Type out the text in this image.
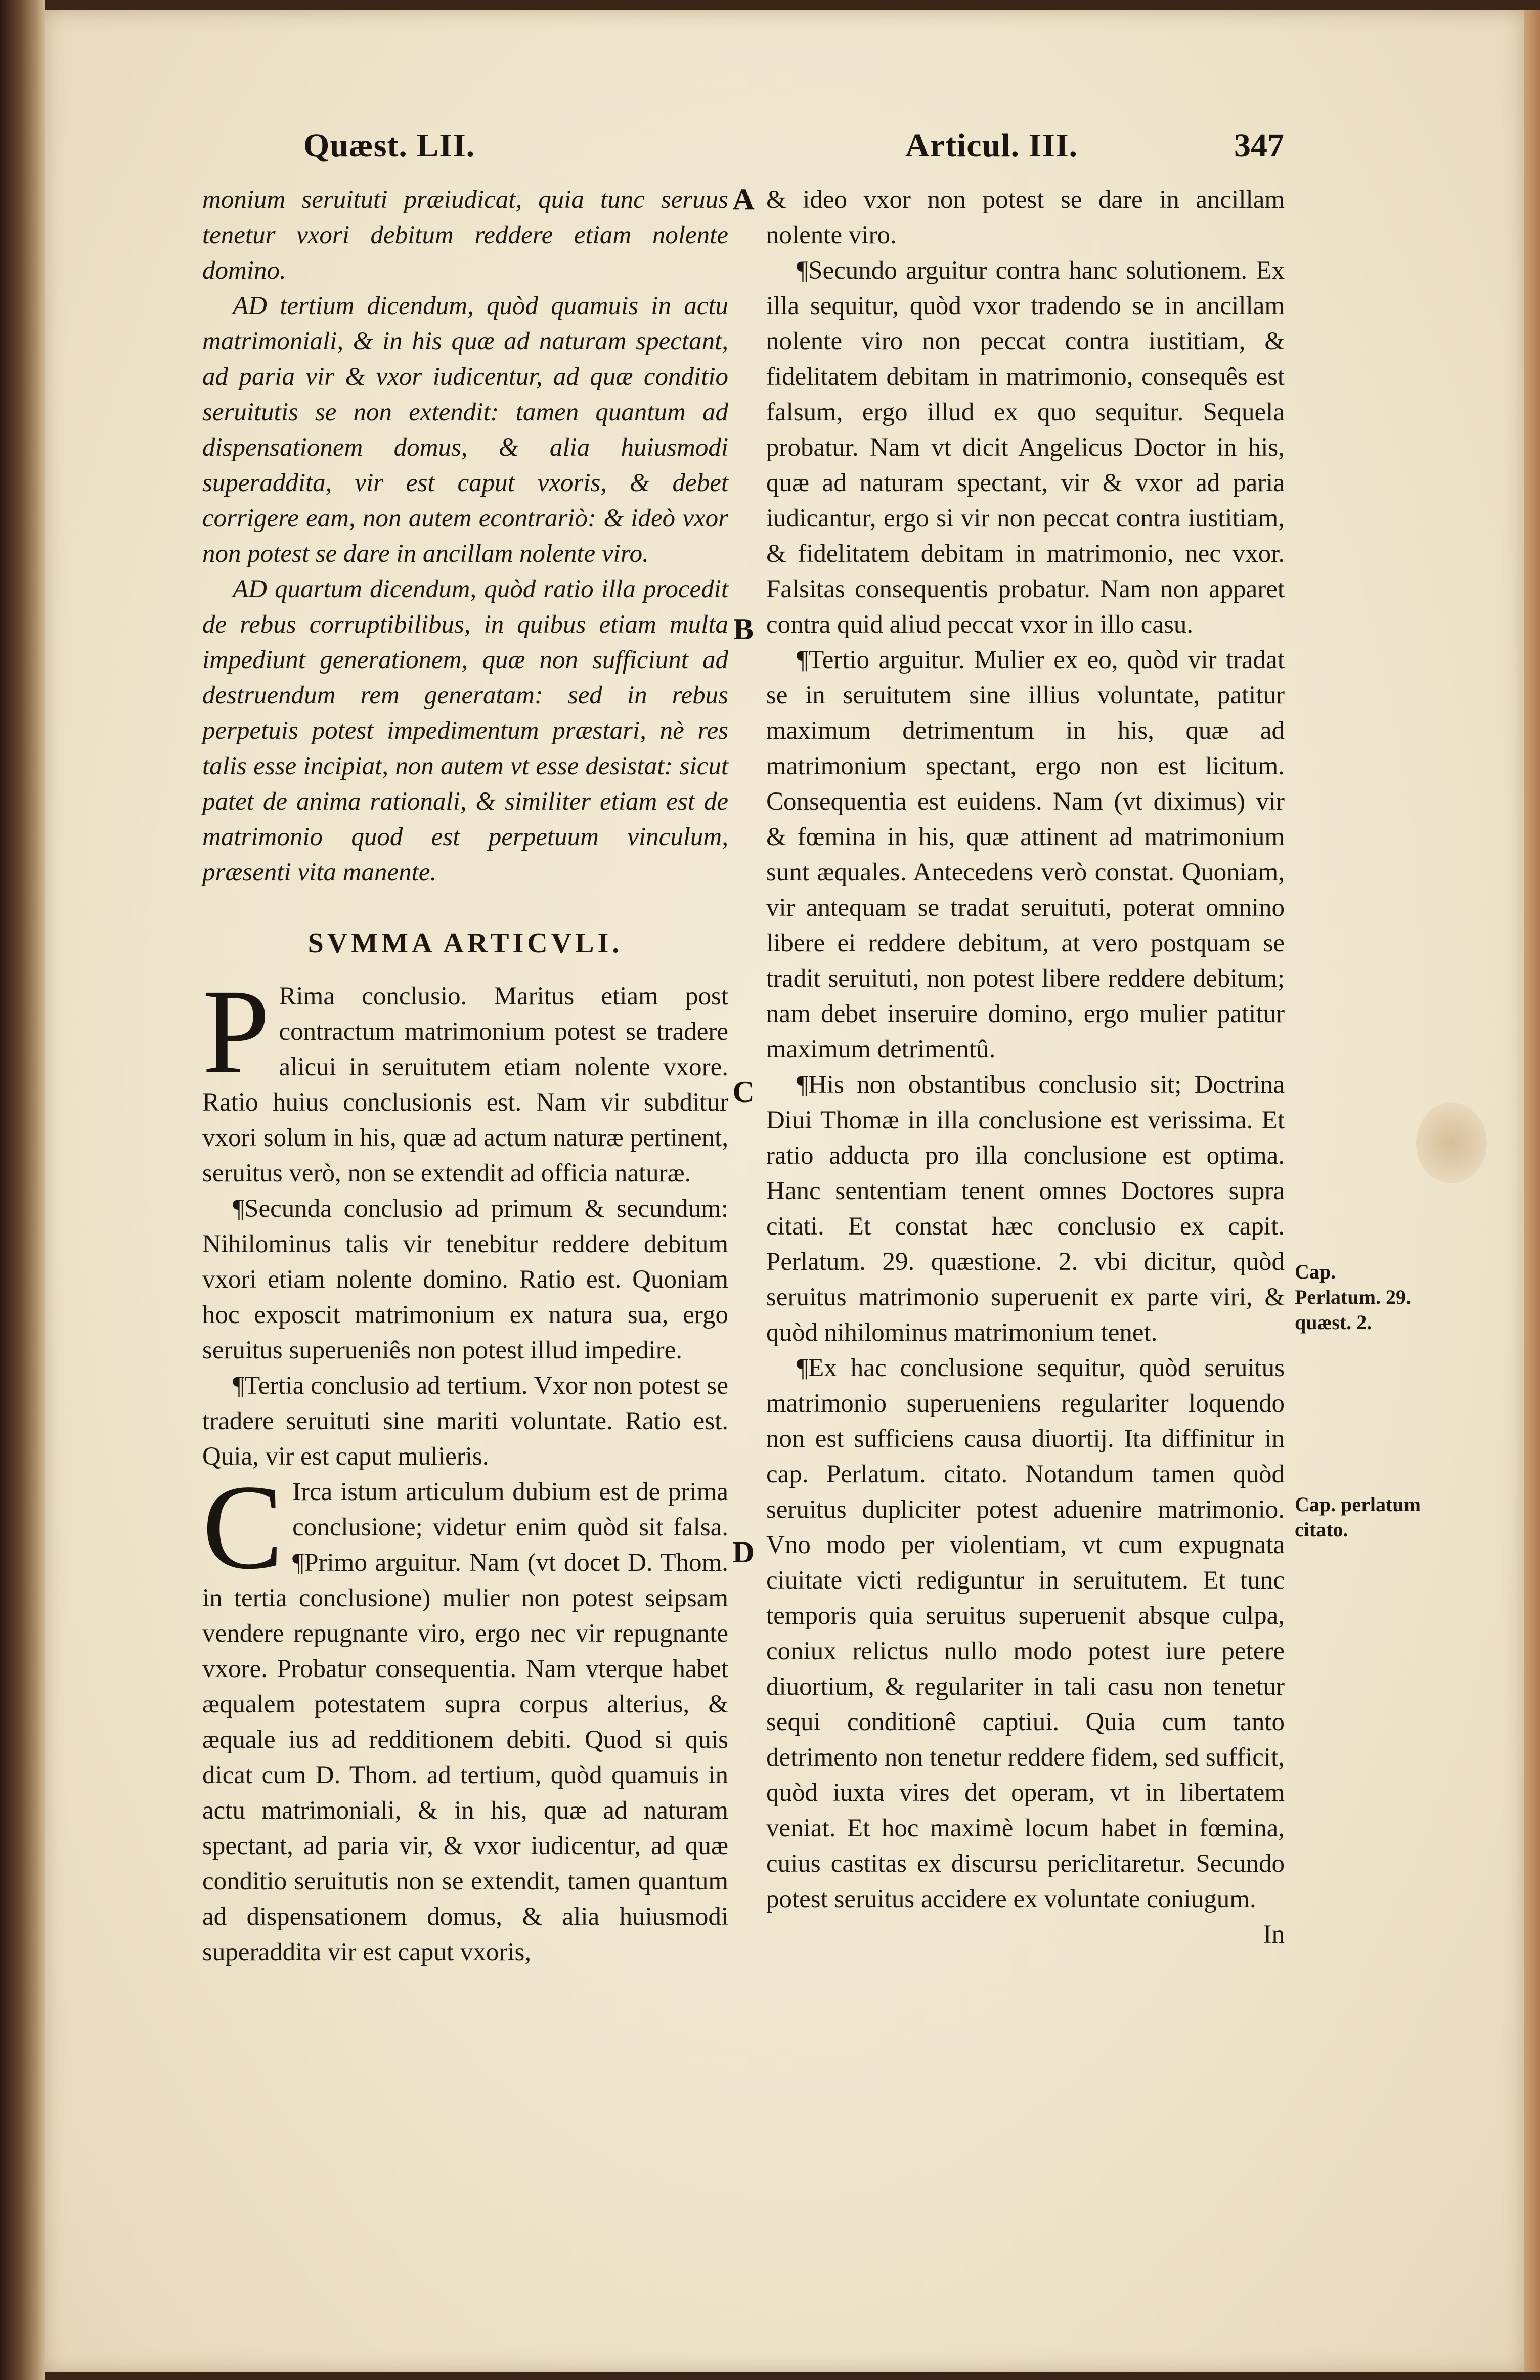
Quæst. LII.	Articul. III.	347

monium seruituti præiudicat, quia tunc seruus tenetur vxori debitum reddere etiam nolente domino.

AD tertium dicendum, quòd quamuis in actu matrimoniali, & in his quæ ad naturam spectant, ad paria vir & vxor iudicentur, ad quæ conditio seruitutis se non extendit: tamen quantum ad dispensationem domus, & alia huiusmodi superaddita, vir est caput vxoris, & debet corrigere eam, non autem econtrariò: & ideò vxor non potest se dare in ancillam nolente viro.

AD quartum dicendum, quòd ratio illa procedit de rebus corruptibilibus, in quibus etiam multa impediunt generationem, quæ non sufficiunt ad destruendum rem generatam: sed in rebus perpetuis potest impedimentum præstari, nè res talis esse incipiat, non autem vt esse desistat: sicut patet de anima rationali, & similiter etiam est de matrimonio quod est perpetuum vinculum, præsenti vita manente.

SVMMA ARTICVLI.

P Rima conclusio. Maritus etiam post contractum matrimonium potest se tradere alicui in seruitutem etiam nolente vxore. Ratio huius conclusionis est. Nam vir subditur vxori solum in his, quæ ad actum naturæ pertinent, seruitus verò, non se extendit ad officia naturæ.

¶Secunda conclusio ad primum & secundum: Nihilominus talis vir tenebitur reddere debitum vxori etiam nolente domino. Ratio est. Quoniam hoc exposcit matrimonium ex natura sua, ergo seruitus superueniês non potest illud impedire.

¶Tertia conclusio ad tertium. Vxor non potest se tradere seruituti sine mariti voluntate. Ratio est. Quia, vir est caput mulieris.

C Irca istum articulum dubium est de prima conclusione; videtur enim quòd sit falsa. ¶Primo arguitur. Nam (vt docet D. Thom. in tertia conclusione) mulier non potest seipsam vendere repugnante viro, ergo nec vir repugnante vxore. Probatur consequentia. Nam vterque habet æqualem potestatem supra corpus alterius, & æquale ius ad redditionem debiti. Quod si quis dicat cum D. Thom. ad tertium, quòd quamuis in actu matrimoniali, & in his, quæ ad naturam spectant, ad paria vir, & vxor iudicentur, ad quæ conditio seruitutis non se extendit, tamen quantum ad dispensationem domus, & alia huiusmodi superaddita vir est caput vxoris,

A
B
C
D

& ideo vxor non potest se dare in ancillam nolente viro.

¶Secundo arguitur contra hanc solutionem. Ex illa sequitur, quòd vxor tradendo se in ancillam nolente viro non peccat contra iustitiam, & fidelitatem debitam in matrimonio, consequês est falsum, ergo illud ex quo sequitur. Sequela probatur. Nam vt dicit Angelicus Doctor in his, quæ ad naturam spectant, vir & vxor ad paria iudicantur, ergo si vir non peccat contra iustitiam, & fidelitatem debitam in matrimonio, nec vxor. Falsitas consequentis probatur. Nam non apparet contra quid aliud peccat vxor in illo casu.

¶Tertio arguitur. Mulier ex eo, quòd vir tradat se in seruitutem sine illius voluntate, patitur maximum detrimentum in his, quæ ad matrimonium spectant, ergo non est licitum. Consequentia est euidens. Nam (vt diximus) vir & fœmina in his, quæ attinent ad matrimonium sunt æquales. Antecedens verò constat. Quoniam, vir antequam se tradat seruituti, poterat omnino libere ei reddere debitum, at vero postquam se tradit seruituti, non potest libere reddere debitum; nam debet inseruire domino, ergo mulier patitur maximum detrimentû.

¶His non obstantibus conclusio sit; Doctrina Diui Thomæ in illa conclusione est verissima. Et ratio adducta pro illa conclusione est optima. Hanc sententiam tenent omnes Doctores supra citati. Et constat hæc conclusio ex capit. Perlatum. 29. quæstione. 2. vbi dicitur, quòd seruitus matrimonio superuenit ex parte viri, & quòd nihilominus matrimonium tenet.

¶Ex hac conclusione sequitur, quòd seruitus matrimonio superueniens regulariter loquendo non est sufficiens causa diuortij. Ita diffinitur in cap. Perlatum. citato. Notandum tamen quòd seruitus dupliciter potest aduenire matrimonio. Vno modo per violentiam, vt cum expugnata ciuitate victi rediguntur in seruitutem. Et tunc temporis quia seruitus superuenit absque culpa, coniux relictus nullo modo potest iure petere diuortium, & regulariter in tali casu non tenetur sequi conditionê captiui. Quia cum tanto detrimento non tenetur reddere fidem, sed sufficit, quòd iuxta vires det operam, vt in libertatem veniat. Et hoc maximè locum habet in fœmina, cuius castitas ex discursu periclitaretur. Secundo potest seruitus accidere ex voluntate coniugum.

In

Cap. Perlatum. 29. quæst. 2.
Cap. perlatum citato.
